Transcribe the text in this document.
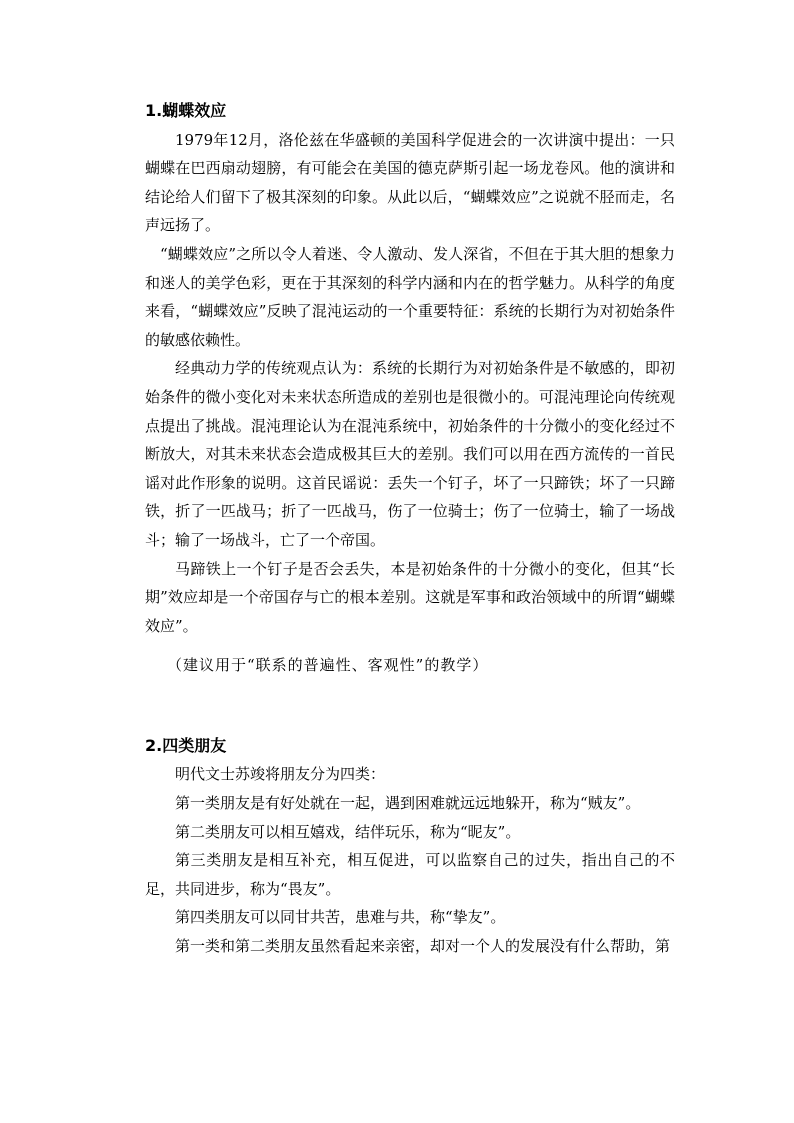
1.蝴蝶效应

1979年12月，洛伦兹在华盛顿的美国科学促进会的一次讲演中提出：一只蝴蝶在巴西扇动翅膀，有可能会在美国的德克萨斯引起一场龙卷风。他的演讲和结论给人们留下了极其深刻的印象。从此以后，“蝴蝶效应”之说就不胫而走，名声远扬了。

“蝴蝶效应”之所以令人着迷、令人激动、发人深省，不但在于其大胆的想象力和迷人的美学色彩，更在于其深刻的科学内涵和内在的哲学魅力。从科学的角度来看，“蝴蝶效应”反映了混沌运动的一个重要特征：系统的长期行为对初始条件的敏感依赖性。

经典动力学的传统观点认为：系统的长期行为对初始条件是不敏感的，即初始条件的微小变化对未来状态所造成的差别也是很微小的。可混沌理论向传统观点提出了挑战。混沌理论认为在混沌系统中，初始条件的十分微小的变化经过不断放大，对其未来状态会造成极其巨大的差别。我们可以用在西方流传的一首民谣对此作形象的说明。这首民谣说：丢失一个钉子，坏了一只蹄铁；坏了一只蹄铁，折了一匹战马；折了一匹战马，伤了一位骑士；伤了一位骑士，输了一场战斗；输了一场战斗，亡了一个帝国。

马蹄铁上一个钉子是否会丢失，本是初始条件的十分微小的变化，但其“长期”效应却是一个帝国存与亡的根本差别。这就是军事和政治领域中的所谓“蝴蝶效应”。

（建议用于“联系的普遍性、客观性”的教学）

2.四类朋友

明代文士苏竣将朋友分为四类：

第一类朋友是有好处就在一起，遇到困难就远远地躲开，称为“贼友”。

第二类朋友可以相互嬉戏，结伴玩乐，称为“昵友”。

第三类朋友是相互补充，相互促进，可以监察自己的过失，指出自己的不足，共同进步，称为“畏友”。

第四类朋友可以同甘共苦，患难与共，称“挚友”。

第一类和第二类朋友虽然看起来亲密，却对一个人的发展没有什么帮助，第
